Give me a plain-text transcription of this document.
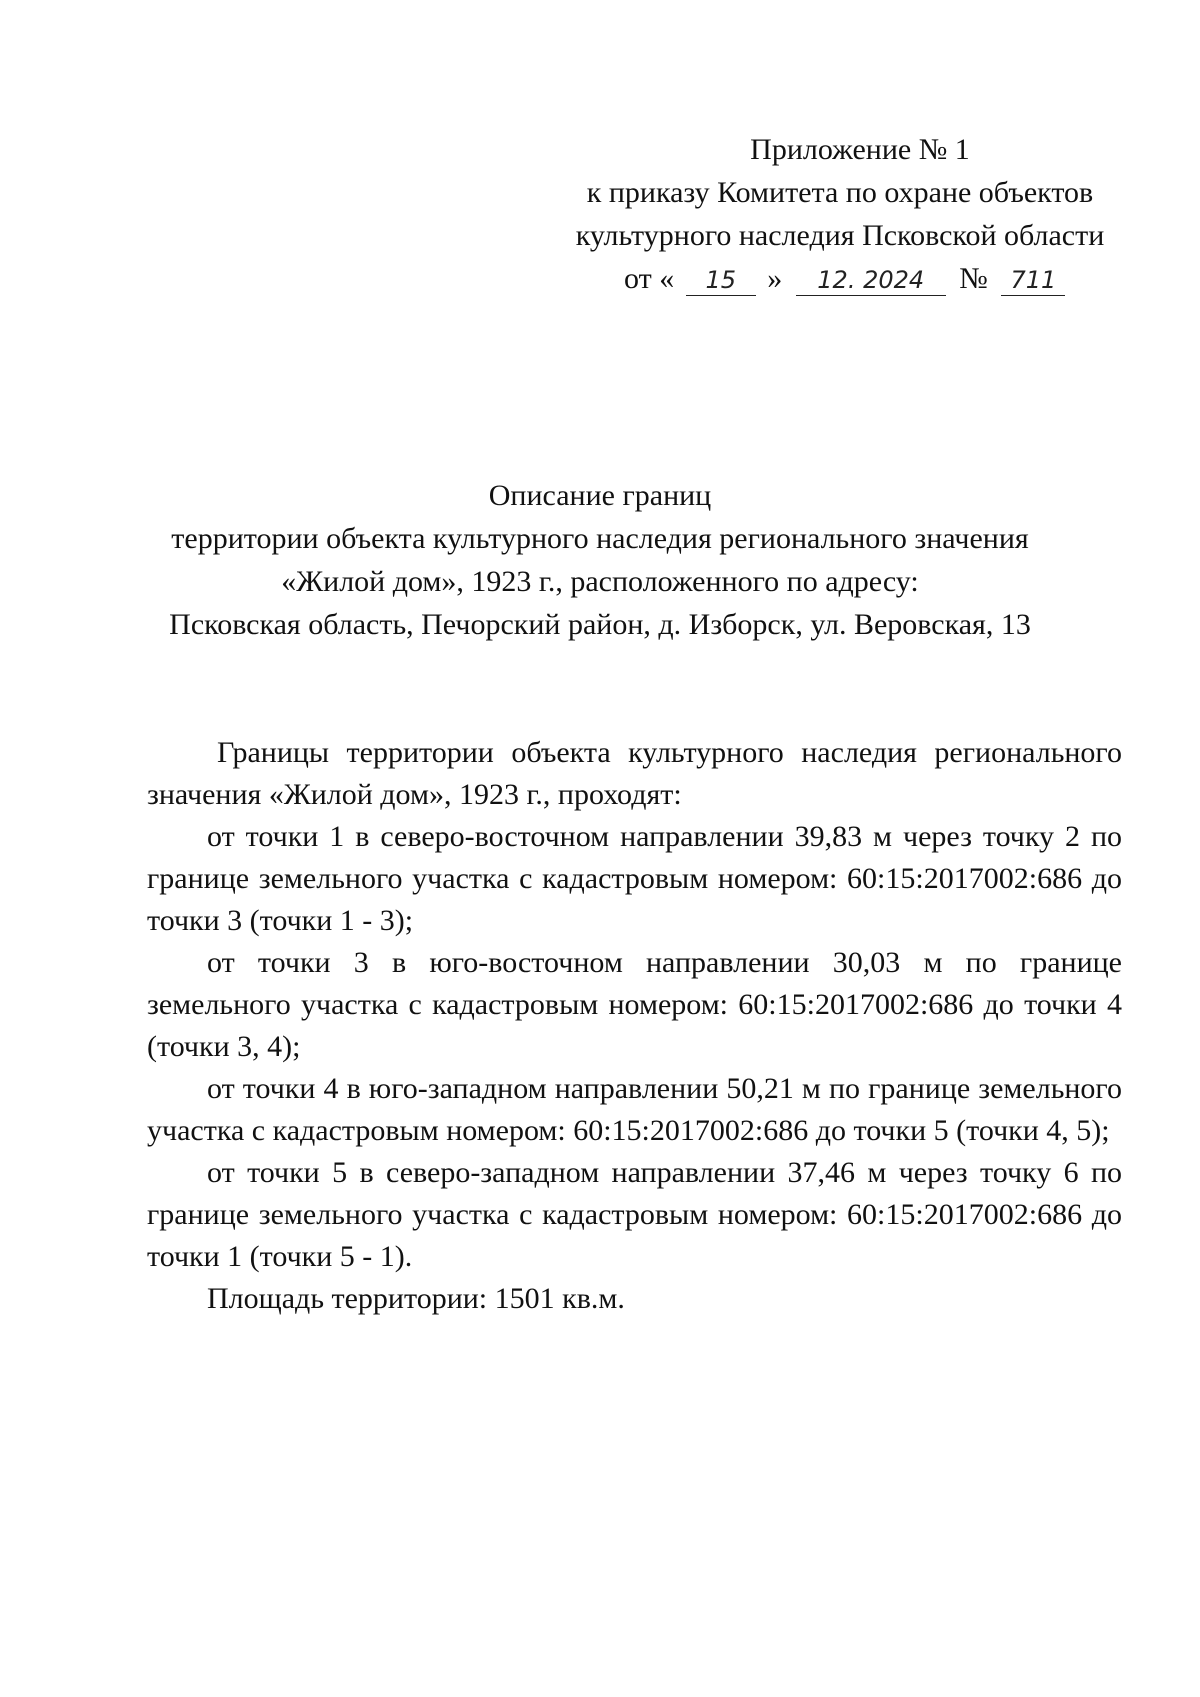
Приложение № 1
к приказу Комитета по охране объектов
культурного наследия Псковской области
от « 15 » 12. 2024 № 711
Описание границ
территории объекта культурного наследия регионального значения
«Жилой дом», 1923 г., расположенного по адресу:
Псковская область, Печорский район, д. Изборск, ул. Веровская, 13

Границы территории объекта культурного наследия регионального значения «Жилой дом», 1923 г., проходят:

от точки 1 в северо-восточном направлении 39,83 м через точку 2 по границе земельного участка с кадастровым номером: 60:15:2017002:686 до точки 3 (точки 1 - 3);

от точки 3 в юго-восточном направлении 30,03 м по границе земельного участка с кадастровым номером: 60:15:2017002:686 до точки 4 (точки 3, 4);

от точки 4 в юго-западном направлении 50,21 м по границе земельного участка с кадастровым номером: 60:15:2017002:686 до точки 5 (точки 4, 5);

от точки 5 в северо-западном направлении 37,46 м через точку 6 по границе земельного участка с кадастровым номером: 60:15:2017002:686 до точки 1 (точки 5 - 1).

Площадь территории: 1501 кв.м.
